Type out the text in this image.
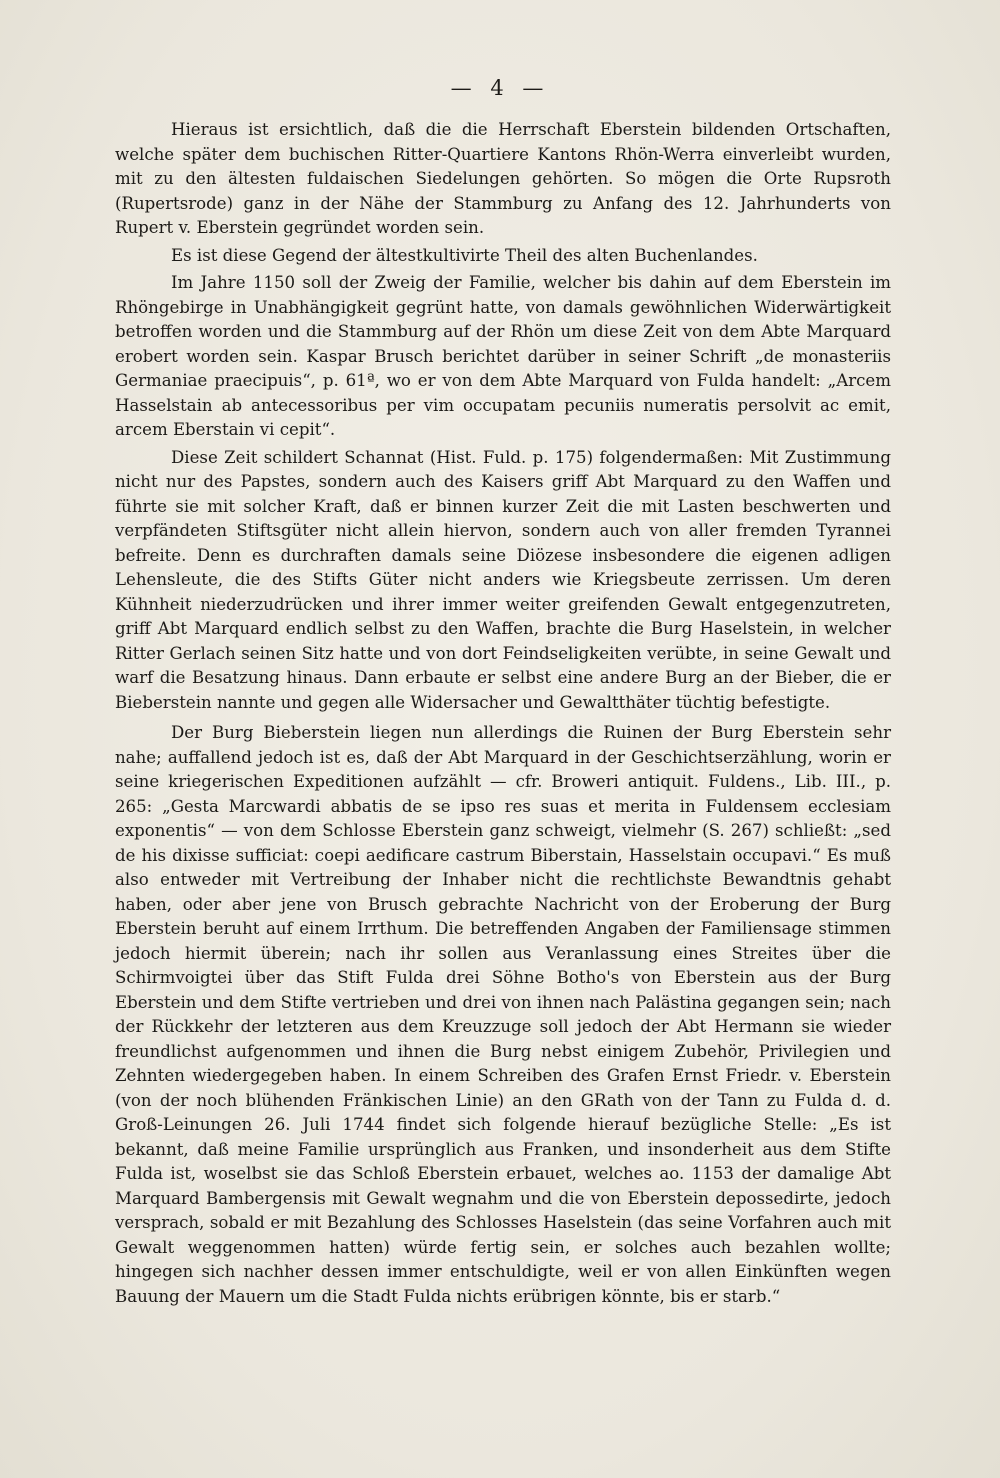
— 4 —

Hieraus ist ersichtlich, daß die die Herrschaft Eberstein bildenden Ortschaften, welche später dem buchischen Ritter-Quartiere Kantons Rhön-Werra einverleibt wurden, mit zu den ältesten fuldaischen Siedelungen gehörten. So mögen die Orte Rupsroth (Rupertsrode) ganz in der Nähe der Stammburg zu Anfang des 12. Jahrhunderts von Rupert v. Eberstein gegründet worden sein.

Es ist diese Gegend der ältestkultivirte Theil des alten Buchenlandes.

Im Jahre 1150 soll der Zweig der Familie, welcher bis dahin auf dem Eberstein im Rhöngebirge in Unabhängigkeit gegrünt hatte, von damals gewöhnlichen Widerwärtigkeit betroffen worden und die Stammburg auf der Rhön um diese Zeit von dem Abte Marquard erobert worden sein. Kaspar Brusch berichtet darüber in seiner Schrift „de monasteriis Germaniae praecipuis“, p. 61ª, wo er von dem Abte Marquard von Fulda handelt: „Arcem Hasselstain ab antecessoribus per vim occupatam pecuniis numeratis persolvit ac emit, arcem Eberstain vi cepit“.

Diese Zeit schildert Schannat (Hist. Fuld. p. 175) folgendermaßen: Mit Zustimmung nicht nur des Papstes, sondern auch des Kaisers griff Abt Marquard zu den Waffen und führte sie mit solcher Kraft, daß er binnen kurzer Zeit die mit Lasten beschwerten und verpfändeten Stiftsgüter nicht allein hiervon, sondern auch von aller fremden Tyrannei befreite. Denn es durchraften damals seine Diözese insbesondere die eigenen adligen Lehensleute, die des Stifts Güter nicht anders wie Kriegsbeute zerrissen. Um deren Kühnheit niederzudrücken und ihrer immer weiter greifenden Gewalt entgegenzutreten, griff Abt Marquard endlich selbst zu den Waffen, brachte die Burg Haselstein, in welcher Ritter Gerlach seinen Sitz hatte und von dort Feindseligkeiten verübte, in seine Gewalt und warf die Besatzung hinaus. Dann erbaute er selbst eine andere Burg an der Bieber, die er Bieberstein nannte und gegen alle Widersacher und Gewaltthäter tüchtig befestigte.

Der Burg Bieberstein liegen nun allerdings die Ruinen der Burg Eberstein sehr nahe; auffallend jedoch ist es, daß der Abt Marquard in der Geschichtserzählung, worin er seine kriegerischen Expeditionen aufzählt — cfr. Broweri antiquit. Fuldens., Lib. III., p. 265: „Gesta Marcwardi abbatis de se ipso res suas et merita in Fuldensem ecclesiam exponentis“ — von dem Schlosse Eberstein ganz schweigt, vielmehr (S. 267) schließt: „sed de his dixisse sufficiat: coepi aedificare castrum Biberstain, Hasselstain occupavi.“ Es muß also entweder mit Vertreibung der Inhaber nicht die rechtlichste Bewandtnis gehabt haben, oder aber jene von Brusch gebrachte Nachricht von der Eroberung der Burg Eberstein beruht auf einem Irrthum. Die betreffenden Angaben der Familiensage stimmen jedoch hiermit überein; nach ihr sollen aus Veranlassung eines Streites über die Schirmvoigtei über das Stift Fulda drei Söhne Botho's von Eberstein aus der Burg Eberstein und dem Stifte vertrieben und drei von ihnen nach Palästina gegangen sein; nach der Rückkehr der letzteren aus dem Kreuzzuge soll jedoch der Abt Hermann sie wieder freundlichst aufgenommen und ihnen die Burg nebst einigem Zubehör, Privilegien und Zehnten wiedergegeben haben. In einem Schreiben des Grafen Ernst Friedr. v. Eberstein (von der noch blühenden Fränkischen Linie) an den GRath von der Tann zu Fulda d. d. Groß-Leinungen 26. Juli 1744 findet sich folgende hierauf bezügliche Stelle: „Es ist bekannt, daß meine Familie ursprünglich aus Franken, und insonderheit aus dem Stifte Fulda ist, woselbst sie das Schloß Eberstein erbauet, welches ao. 1153 der damalige Abt Marquard Bambergensis mit Gewalt wegnahm und die von Eberstein depossedirte, jedoch versprach, sobald er mit Bezahlung des Schlosses Haselstein (das seine Vorfahren auch mit Gewalt weggenommen hatten) würde fertig sein, er solches auch bezahlen wollte; hingegen sich nachher dessen immer entschuldigte, weil er von allen Einkünften wegen Bauung der Mauern um die Stadt Fulda nichts erübrigen könnte, bis er starb.“
